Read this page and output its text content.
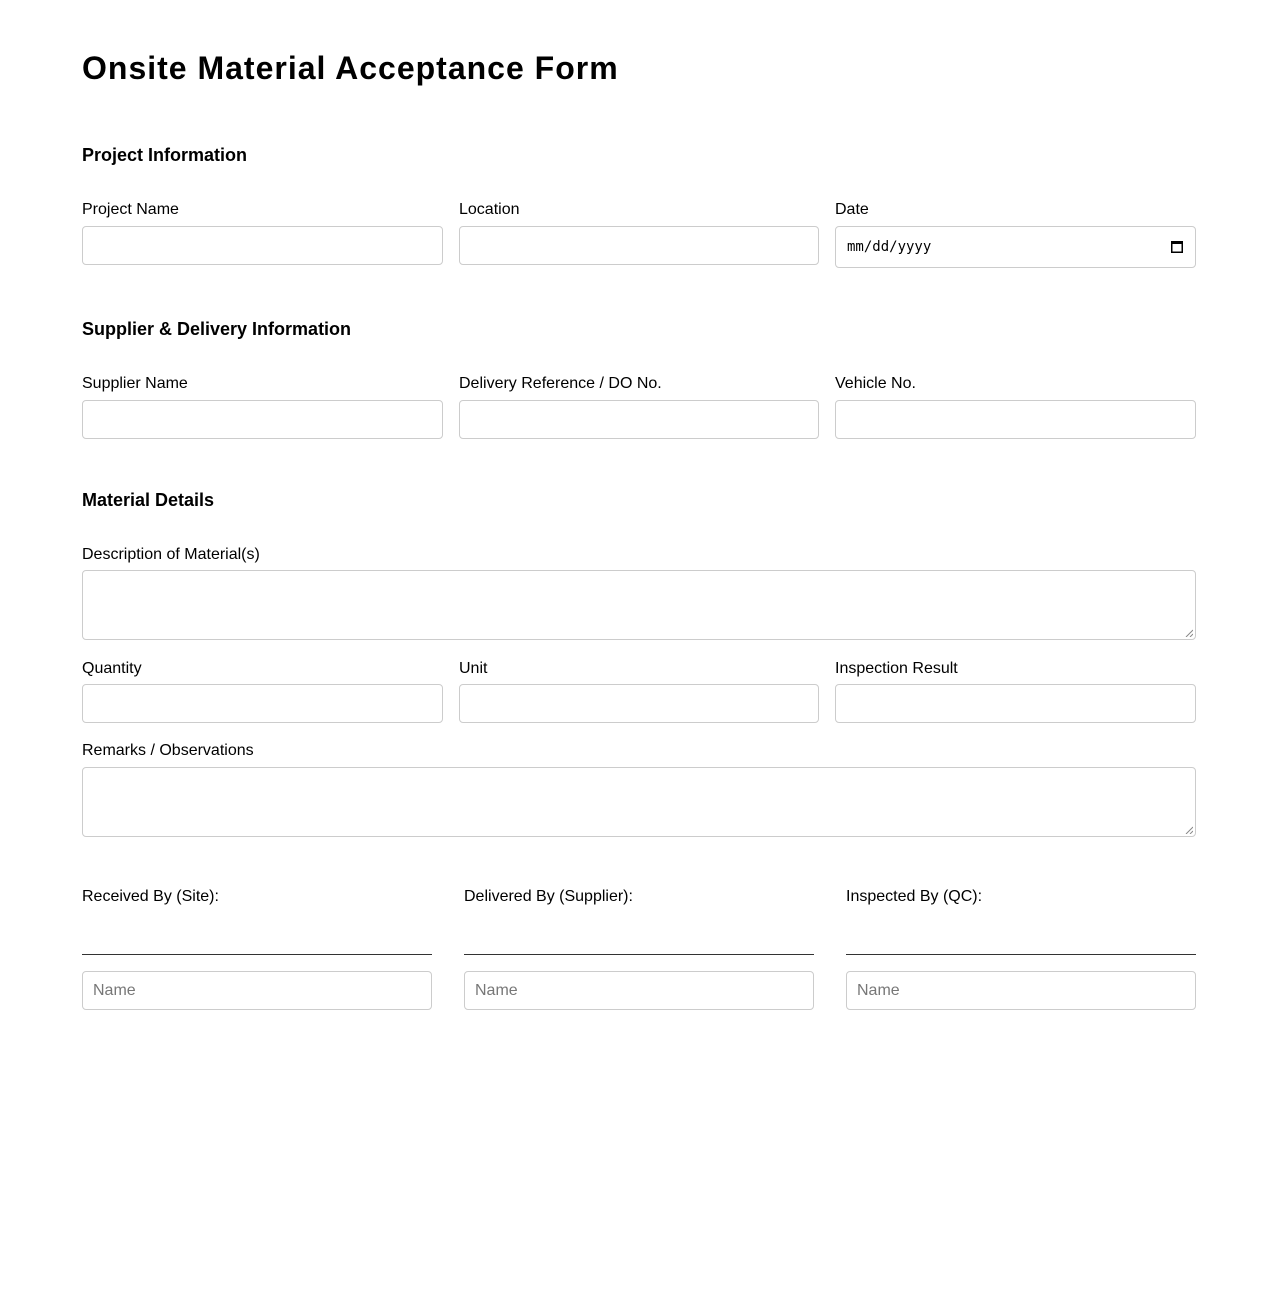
Onsite Material Acceptance Form
Project Information
Project Name	Location	Date
mm/dd/yyyy
Supplier & Delivery Information
Supplier Name	Delivery Reference / DO No.	Vehicle No.
Material Details
Description of Material(s)
Quantity	Unit	Inspection Result
Remarks / Observations
Received By (Site):
Name
Delivered By (Supplier):
Name
Inspected By (QC):
Name
